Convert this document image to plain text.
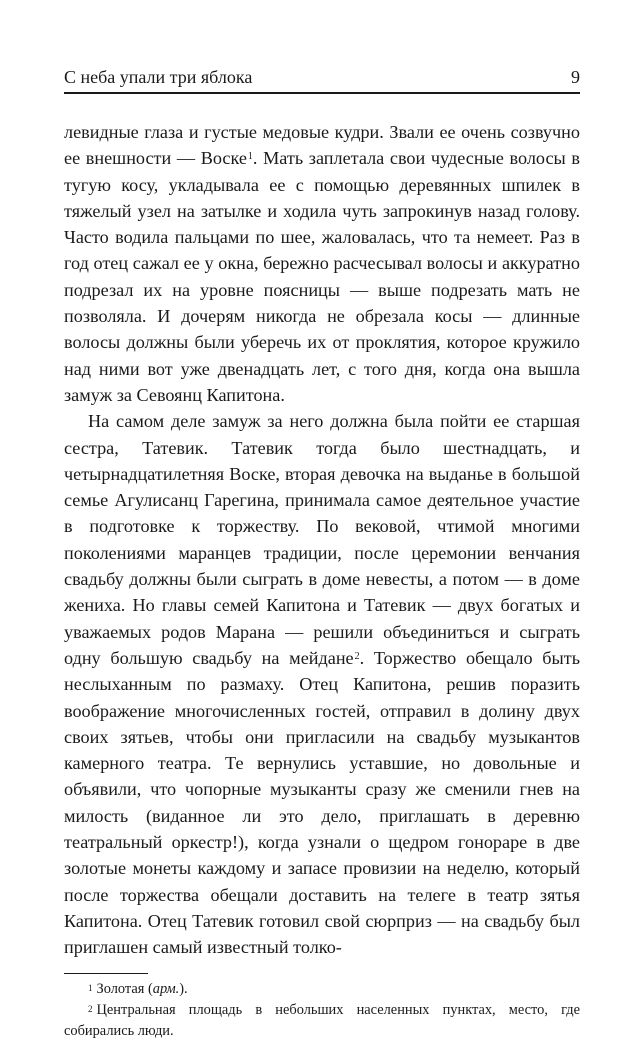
С неба упали три яблока	9

левидные глаза и густые медовые кудри. Звали ее очень созвучно ее внешности — Воске$^1$. Мать заплетала свои чудесные волосы в тугую косу, укладывала ее с помощью деревянных шпилек в тяжелый узел на затылке и ходила чуть запрокинув назад голову. Часто водила пальцами по шее, жаловалась, что та немеет. Раз в год отец сажал ее у окна, бережно расчесывал волосы и аккуратно подрезал их на уровне поясницы — выше подрезать мать не позволяла. И дочерям никогда не обрезала косы — длинные волосы должны были уберечь их от проклятия, которое кружило над ними вот уже двенадцать лет, с того дня, когда она вышла замуж за Севоянц Капитона.

На самом деле замуж за него должна была пойти ее старшая сестра, Татевик. Татевик тогда было шестнадцать, и четырнадцатилетняя Воске, вторая девочка на выданье в большой семье Агулисанц Гарегина, принимала самое деятельное участие в подготовке к торжеству. По вековой, чтимой многими поколениями маранцев традиции, после церемонии венчания свадьбу должны были сыграть в доме невесты, а потом — в доме жениха. Но главы семей Капитона и Татевик — двух богатых и уважаемых родов Марана — решили объединиться и сыграть одну большую свадьбу на мейдане$^2$. Торжество обещало быть неслыханным по размаху. Отец Капитона, решив поразить воображение многочисленных гостей, отправил в долину двух своих зятьев, чтобы они пригласили на свадьбу музыкантов камерного театра. Те вернулись уставшие, но довольные и объявили, что чопорные музыканты сразу же сменили гнев на милость (виданное ли это дело, приглашать в деревню театральный оркестр!), когда узнали о щедром гонораре в две золотые монеты каждому и запасе провизии на неделю, который после торжества обещали доставить на телеге в театр зятья Капитона. Отец Татевик готовил свой сюрприз — на свадьбу был приглашен самый известный толко-

$^1$ Золотая (арм.).

$^2$ Центральная площадь в небольших населенных пунктах, место, где собирались люди.
